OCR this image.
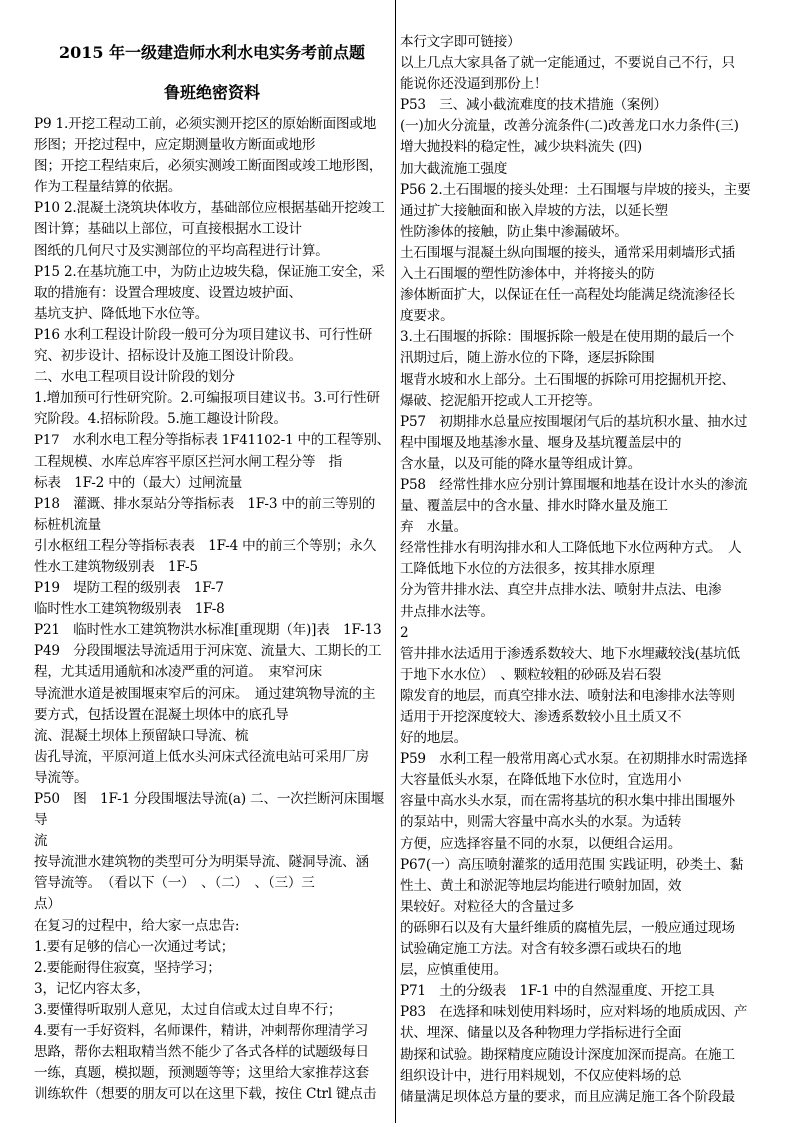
2015 年一级建造师水利水电实务考前点题
鲁班绝密资料

P9 1.开挖工程动工前，必须实测开挖区的原始断面图或地

形图；开挖过程中，应定期测量收方断面或地形

图；开挖工程结束后，必须实测竣工断面图或竣工地形图，

作为工程量结算的依据。

P10 2.混凝土浇筑块体收方，基础部位应根据基础开挖竣工

图计算；基础以上部位，可直接根据水工设计

图纸的几何尺寸及实测部位的平均高程进行计算。

P15 2.在基坑施工中，为防止边坡失稳，保证施工安全，采

取的措施有：设置合理坡度、设置边坡护面、

基坑支护、降低地下水位等。

P16 水利工程设计阶段一般可分为项目建议书、可行性研

究、初步设计、招标设计及施工图设计阶段。

二、水电工程项目设计阶段的划分

1.增加预可行性研究阶。2.可编报项目建议书。3.可行性研

究阶段。4.招标阶段。5.施工趣设计阶段。

P17　水利水电工程分等指标表 1F41102-1 中的工程等别、

工程规模、水库总库容平原区拦河水闸工程分等　指

标表　1F-2 中的（最大）过闸流量

P18　灌溉、排水泵站分等指标表　1F-3 中的前三等别的

标桩机流量

引水枢纽工程分等指标表表　1F-4 中的前三个等别；永久

性水工建筑物级别表　1F-5

P19　堤防工程的级别表　1F-7

临时性水工建筑物级别表　1F-8

P21　临时性水工建筑物洪水标准[重现期（年)]表　1F-13

P49　分段围堰法导流适用于河床宽、流量大、工期长的工

程，尤其适用通航和冰凌严重的河道。　束窄河床

导流泄水道是被围堰束窄后的河床。　通过建筑物导流的主

要方式，包括设置在混凝土坝体中的底孔导

流、混凝土坝体上预留缺口导流、梳

齿孔导流，平原河道上低水头河床式径流电站可采用厂房

导流等。

P50　图　1F-1 分段围堰法导流(a) 二、一次拦断河床围堰

导

流

按导流泄水建筑物的类型可分为明渠导流、隧洞导流、涵

管导流等。　（看以下（一）　、（二）　、（三）三

点）

在复习的过程中，给大家一点忠告:

1.要有足够的信心一次通过考试；

2.要能耐得住寂寞，坚持学习；

3，记忆内容太多，

3.要懂得听取别人意见，太过自信或太过自卑不行；

4.要有一手好资料，名师课件，精讲，冲刺帮你理清学习

思路，帮你去粗取精当然不能少了各式各样的试题级每日

一练，真题，模拟题，预测题等等；这里给大家推荐这套

训练软件（想要的朋友可以在这里下载，按住 Ctrl 键点击

本行文字即可链接）

以上几点大家具备了就一定能通过，不要说自己不行，只

能说你还没逼到那份上！

P53　三、减小截流难度的技术措施（案例）

(一)加火分流量，改善分流条件(二)改善龙口水力条件(三)

增大抛投料的稳定性，减少块料流失 (四)

加大截流施工强度

P56 2.土石围堰的接头处理：土石围堰与岸坡的接头，主要

通过扩大接触面和嵌入岸坡的方法，以延长塑

性防渗体的接触，防止集中渗漏破坏。

土石围堰与混凝土纵向围堰的接头，通常采用刺墙形式插

入土石围堰的塑性防渗体中，并将接头的防

渗体断面扩大，以保证在任一高程处均能满足绕流渗径长

度要求。

3.土石围堰的拆除：围堰拆除一般是在使用期的最后一个

汛期过后，随上游水位的下降，逐层拆除围

堰背水坡和水上部分。土石围堰的拆除可用挖掘机开挖、

爆破、挖泥船开挖或人工开挖等。

P57　初期排水总量应按围堰闭气后的基坑积水量、抽水过

程中围堰及地基渗水量、堰身及基坑覆盖层中的

含水量，以及可能的降水量等组成计算。

P58　经常性排水应分别计算围堰和地基在设计水头的渗流

量、覆盖层中的含水量、排水时降水量及施工

弃　水量。

经常性排水有明沟排水和人工降低地下水位两种方式。　人

工降低地下水位的方法很多，按其排水原理

分为管井排水法、真空井点排水法、喷射井点法、电渗

井点排水法等。

2

管井排水法适用于渗透系数较大、地下水埋藏较浅(基坑低

于地下水水位）　、颗粒较粗的砂砾及岩石裂

隙发育的地层，而真空排水法、喷射法和电渗排水法等则

适用于开挖深度较大、渗透系数较小且土质又不

好的地层。

P59　水利工程一般常用离心式水泵。在初期排水时需选择

大容量低头水泵，在降低地下水位时，宜选用小

容量中高水头水泵，而在需将基坑的积水集中排出围堰外

的泵站中，则需大容量中高水头的水泵。为适转

方便，应选择容量不同的水泵，以便组合运用。

P67(一）高压喷射灌浆的适用范围 实践证明，砂类土、黏

性土、黄土和淤泥等地层均能进行喷射加固，效

果较好。对粒径大的含量过多

的砾卵石以及有大量纤维质的腐植先层，一般应通过现场

试验确定施工方法。对含有较多漂石或块石的地

层，应慎重使用。

P71　土的分级表　1F-1 中的自然湿重度、开挖工具

P83　在选择和味划使用料场时，应对料场的地质成因、产

状、埋深、储量以及各种物理力学指标进行全面

勘探和试验。勘探精度应随设计深度加深而提高。在施工

组织设计中，进行用料规划，不仅应使料场的总

储量满足坝体总方量的要求，而且应满足施工各个阶段最
